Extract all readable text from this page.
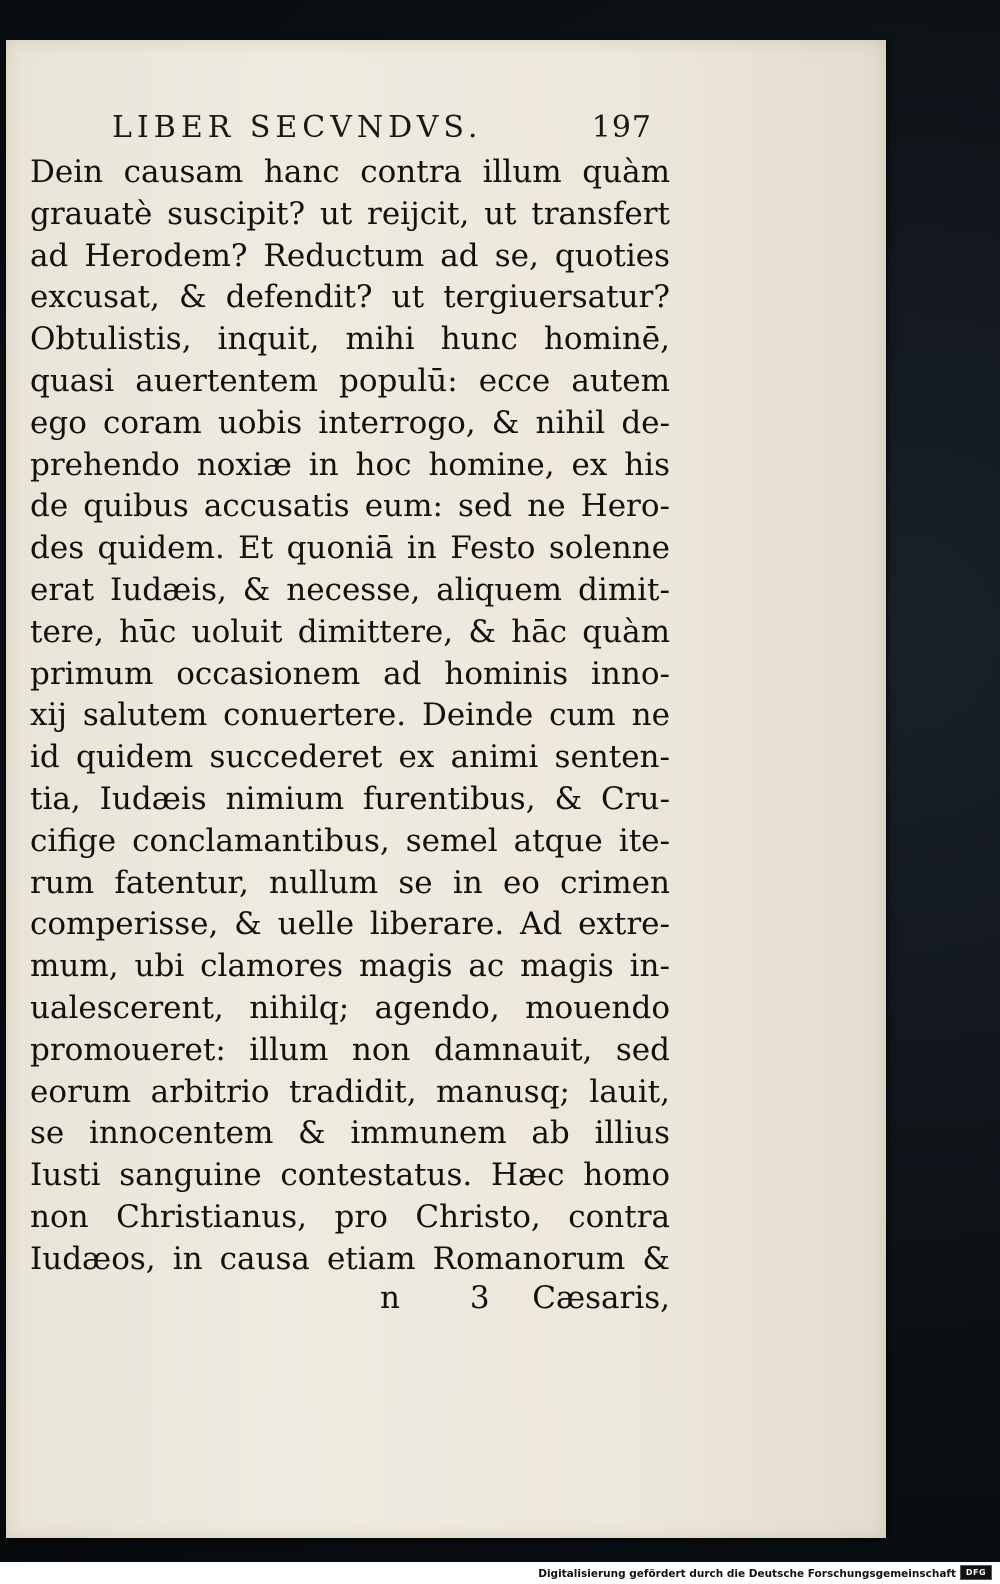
LIBER SECVNDVS.	197
Dein causam hanc contra illum quàm
grauatè suscipit? ut reijcit, ut transfert
ad Herodem? Reductum ad se, quoties
excusat, & defendit? ut tergiuersatur?
Obtulistis, inquit, mihi hunc hominē,
quasi auertentem populū: ecce autem
ego coram uobis interrogo, & nihil de-
prehendo noxiæ in hoc homine, ex his
de quibus accusatis eum: sed ne Hero-
des quidem. Et quoniā in Festo solenne
erat Iudæis, & necesse, aliquem dimit-
tere, hūc uoluit dimittere, & hāc quàm
primum occasionem ad hominis inno-
xij salutem conuertere. Deinde cum ne
id quidem succederet ex animi senten-
tia, Iudæis nimium furentibus, & Cru-
cifige conclamantibus, semel atque ite-
rum fatentur, nullum se in eo crimen
comperisse, & uelle liberare. Ad extre-
mum, ubi clamores magis ac magis in-
ualescerent, nihilq; agendo, mouendo
promoueret: illum non damnauit, sed
eorum arbitrio tradidit, manusq; lauit,
se innocentem & immunem ab illius
Iusti sanguine contestatus. Hæc homo
non Christianus, pro Christo, contra
Iudæos, in causa etiam Romanorum &
n 3 Cæsaris,
Digitalisierung gefördert durch die Deutsche Forschungsgemeinschaft	DFG
